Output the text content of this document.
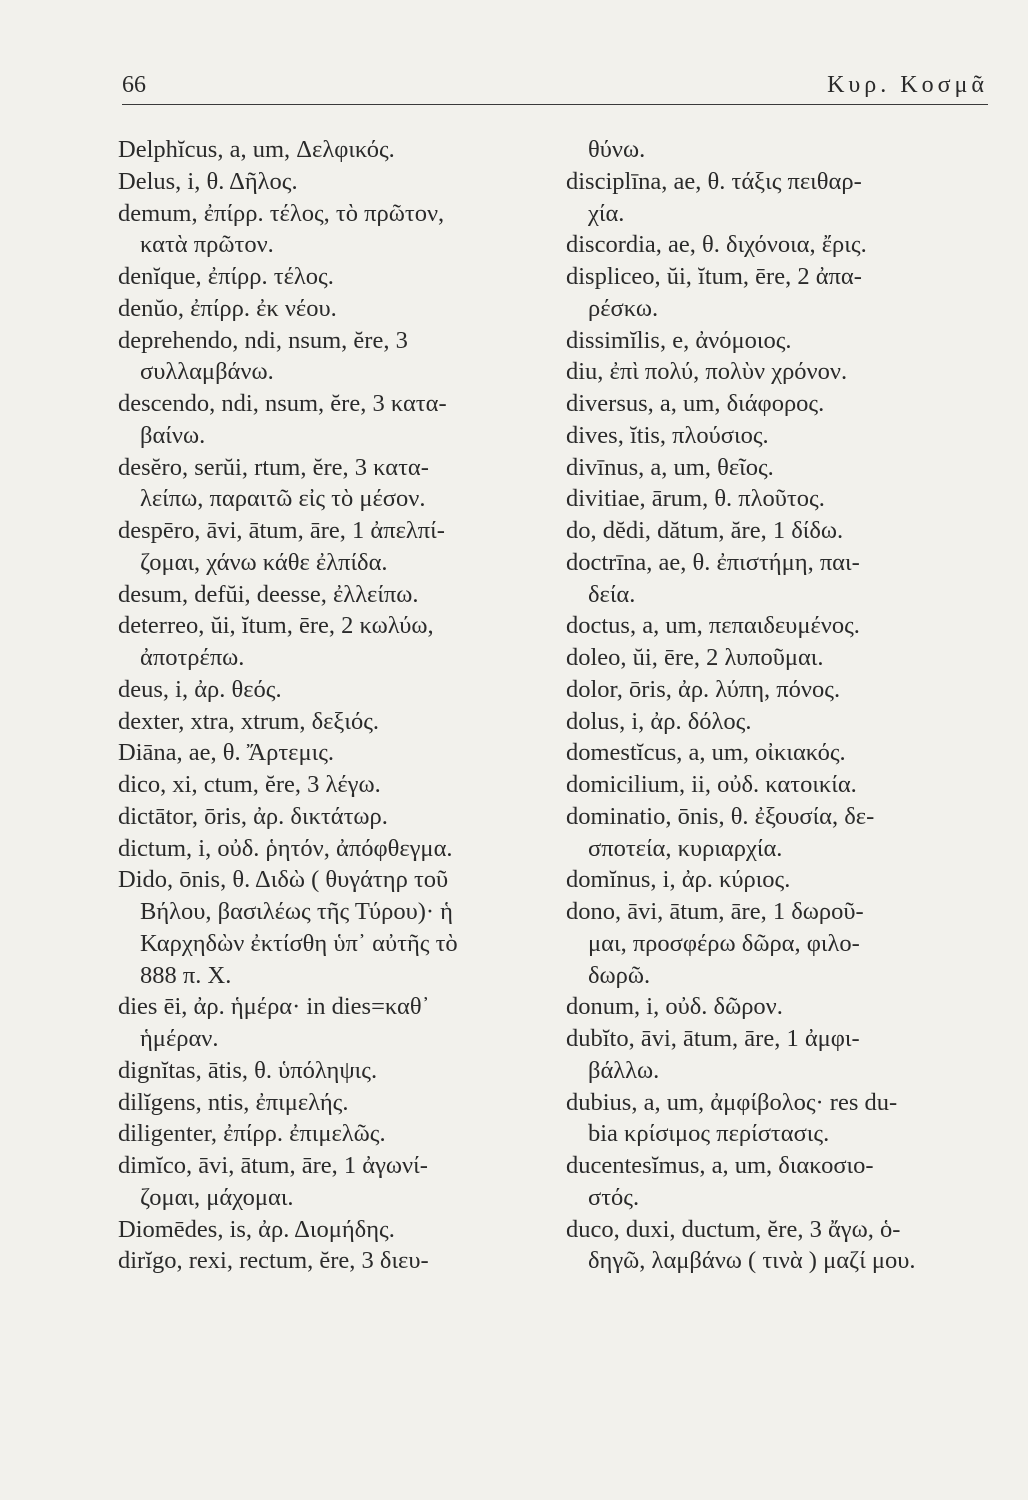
66	Κυρ. Κοσμᾶ
Delphĭcus, a, um, Δελφικός.
Delus, i, θ. Δῆλος.
demum, ἐπίρρ. τέλος, τὸ πρῶτον,
κατὰ πρῶτον.
denĭque, ἐπίρρ. τέλος.
denŭo, ἐπίρρ. ἐκ νέου.
deprehendo, ndi, nsum, ĕre, 3
συλλαμβάνω.
descendo, ndi, nsum, ĕre, 3 κατα-
βαίνω.
desĕro, serŭi, rtum, ĕre, 3 κατα-
λείπω, παραιτῶ εἰς τὸ μέσον.
despēro, āvi, ātum, āre, 1 ἀπελπί-
ζομαι, χάνω κάθε ἐλπίδα.
desum, defŭi, deesse, ἐλλείπω.
deterreo, ŭi, ĭtum, ēre, 2 κωλύω,
ἀποτρέπω.
deus, i, ἀρ. θεός.
dexter, xtra, xtrum, δεξιός.
Diāna, ae, θ. Ἄρτεμις.
dico, xi, ctum, ĕre, 3 λέγω.
dictātor, ōris, ἀρ. δικτάτωρ.
dictum, i, οὐδ. ῥητόν, ἀπόφθεγμα.
Dido, ōnis, θ. Διδὼ ( θυγάτηρ τοῦ
Βήλου, βασιλέως τῆς Τύρου)· ἡ
Καρχηδὼν ἐκτίσθη ὑπ᾽ αὐτῆς τὸ
888 π. Χ.
dies ēi, ἀρ. ἡμέρα· in dies=καθ᾽
ἡμέραν.
dignĭtas, ātis, θ. ὑπόληψις.
dilĭgens, ntis, ἐπιμελής.
diligenter, ἐπίρρ. ἐπιμελῶς.
dimĭco, āvi, ātum, āre, 1 ἀγωνί-
ζομαι, μάχομαι.
Diomēdes, is, ἀρ. Διομήδης.
dirĭgo, rexi, rectum, ĕre, 3 διευ-
θύνω.
disciplīna, ae, θ. τάξις πειθαρ-
χία.
discordia, ae, θ. διχόνοια, ἔρις.
displiceo, ŭi, ĭtum, ēre, 2 ἀπα-
ρέσκω.
dissimĭlis, e, ἀνόμοιος.
diu, ἐπὶ πολύ, πολὺν χρόνον.
diversus, a, um, διάφορος.
dives, ĭtis, πλούσιος.
divīnus, a, um, θεῖος.
divitiae, ārum, θ. πλοῦτος.
do, dĕdi, dătum, ăre, 1 δίδω.
doctrīna, ae, θ. ἐπιστήμη, παι-
δεία.
doctus, a, um, πεπαιδευμένος.
doleo, ŭi, ēre, 2 λυποῦμαι.
dolor, ōris, ἀρ. λύπη, πόνος.
dolus, i, ἀρ. δόλος.
domestĭcus, a, um, οἰκιακός.
domicilium, ii, οὐδ. κατοικία.
dominatio, ōnis, θ. ἐξουσία, δε-
σποτεία, κυριαρχία.
domĭnus, i, ἀρ. κύριος.
dono, āvi, ātum, āre, 1 δωροῦ-
μαι, προσφέρω δῶρα, φιλο-
δωρῶ.
donum, i, οὐδ. δῶρον.
dubĭto, āvi, ātum, āre, 1 ἀμφι-
βάλλω.
dubius, a, um, ἀμφίβολος· res du-
bia κρίσιμος περίστασις.
ducentesĭmus, a, um, διακοσιο-
στός.
duco, duxi, ductum, ĕre, 3 ἄγω, ὁ-
δηγῶ, λαμβάνω ( τινὰ ) μαζί μου.
